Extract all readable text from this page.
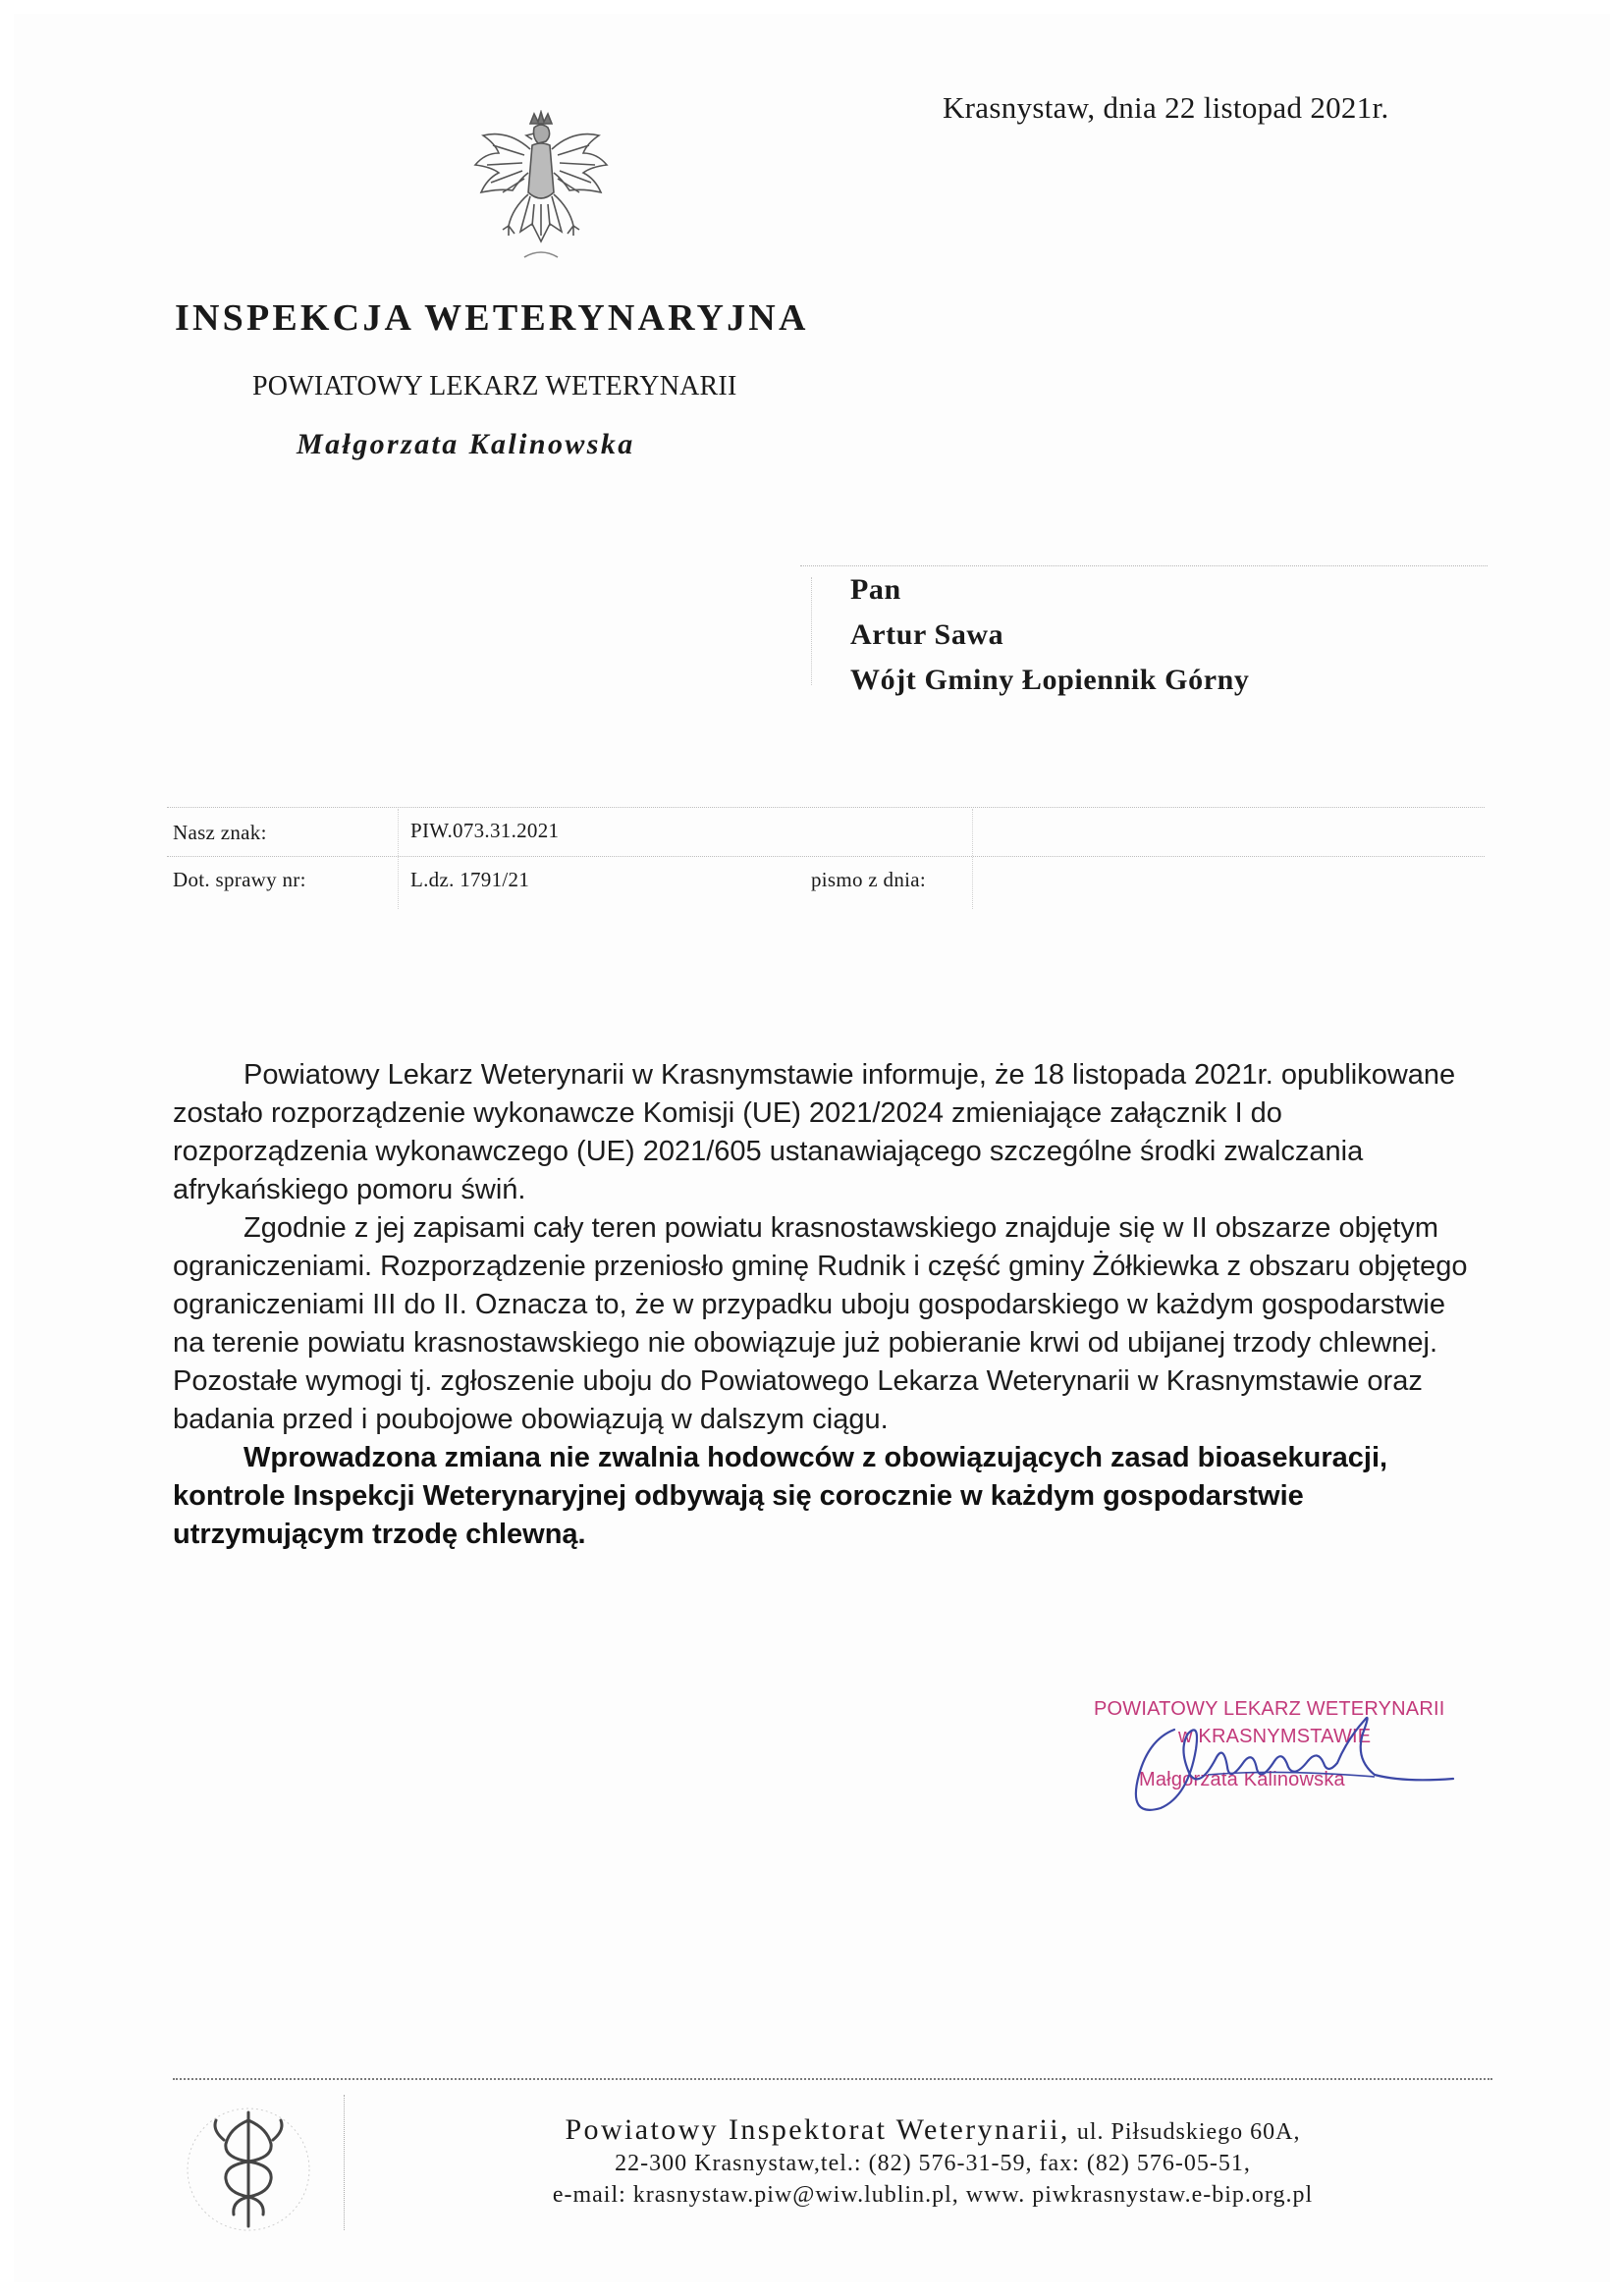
Krasnystaw, dnia 22 listopad 2021r.
INSPEKCJA WETERYNARYJNA
POWIATOWY LEKARZ WETERYNARII
Małgorzata Kalinowska
Pan
Artur Sawa
Wójt Gminy Łopiennik Górny
Nasz znak:	PIW.073.31.2021
Dot. sprawy nr:	L.dz. 1791/21	pismo z dnia:

Powiatowy Lekarz Weterynarii w Krasnymstawie informuje, że 18 listopada 2021r. opublikowane zostało rozporządzenie wykonawcze Komisji (UE) 2021/2024 zmieniające załącznik I do rozporządzenia wykonawczego (UE) 2021/605 ustanawiającego szczególne środki zwalczania afrykańskiego pomoru świń.

Zgodnie z jej zapisami cały teren powiatu krasnostawskiego znajduje się w II obszarze objętym ograniczeniami. Rozporządzenie przeniosło gminę Rudnik i część gminy Żółkiewka z obszaru objętego ograniczeniami III do II. Oznacza to, że w przypadku uboju gospodarskiego w każdym gospodarstwie na terenie powiatu krasnostawskiego nie obowiązuje już pobieranie krwi od ubijanej trzody chlewnej. Pozostałe wymogi tj. zgłoszenie uboju do Powiatowego Lekarza Weterynarii w Krasnymstawie oraz badania przed i poubojowe obowiązują w dalszym ciągu.

Wprowadzona zmiana nie zwalnia hodowców z obowiązujących zasad bioasekuracji, kontrole Inspekcji Weterynaryjnej odbywają się corocznie w każdym gospodarstwie utrzymującym trzodę chlewną.

POWIATOWY LEKARZ WETERYNARII
w KRASNYMSTAWIE
Małgorzata Kalinowska
Powiatowy Inspektorat Weterynarii, ul. Piłsudskiego 60A,
22-300 Krasnystaw,tel.: (82) 576-31-59, fax: (82) 576-05-51,
e-mail: krasnystaw.piw@wiw.lublin.pl, www. piwkrasnystaw.e-bip.org.pl
